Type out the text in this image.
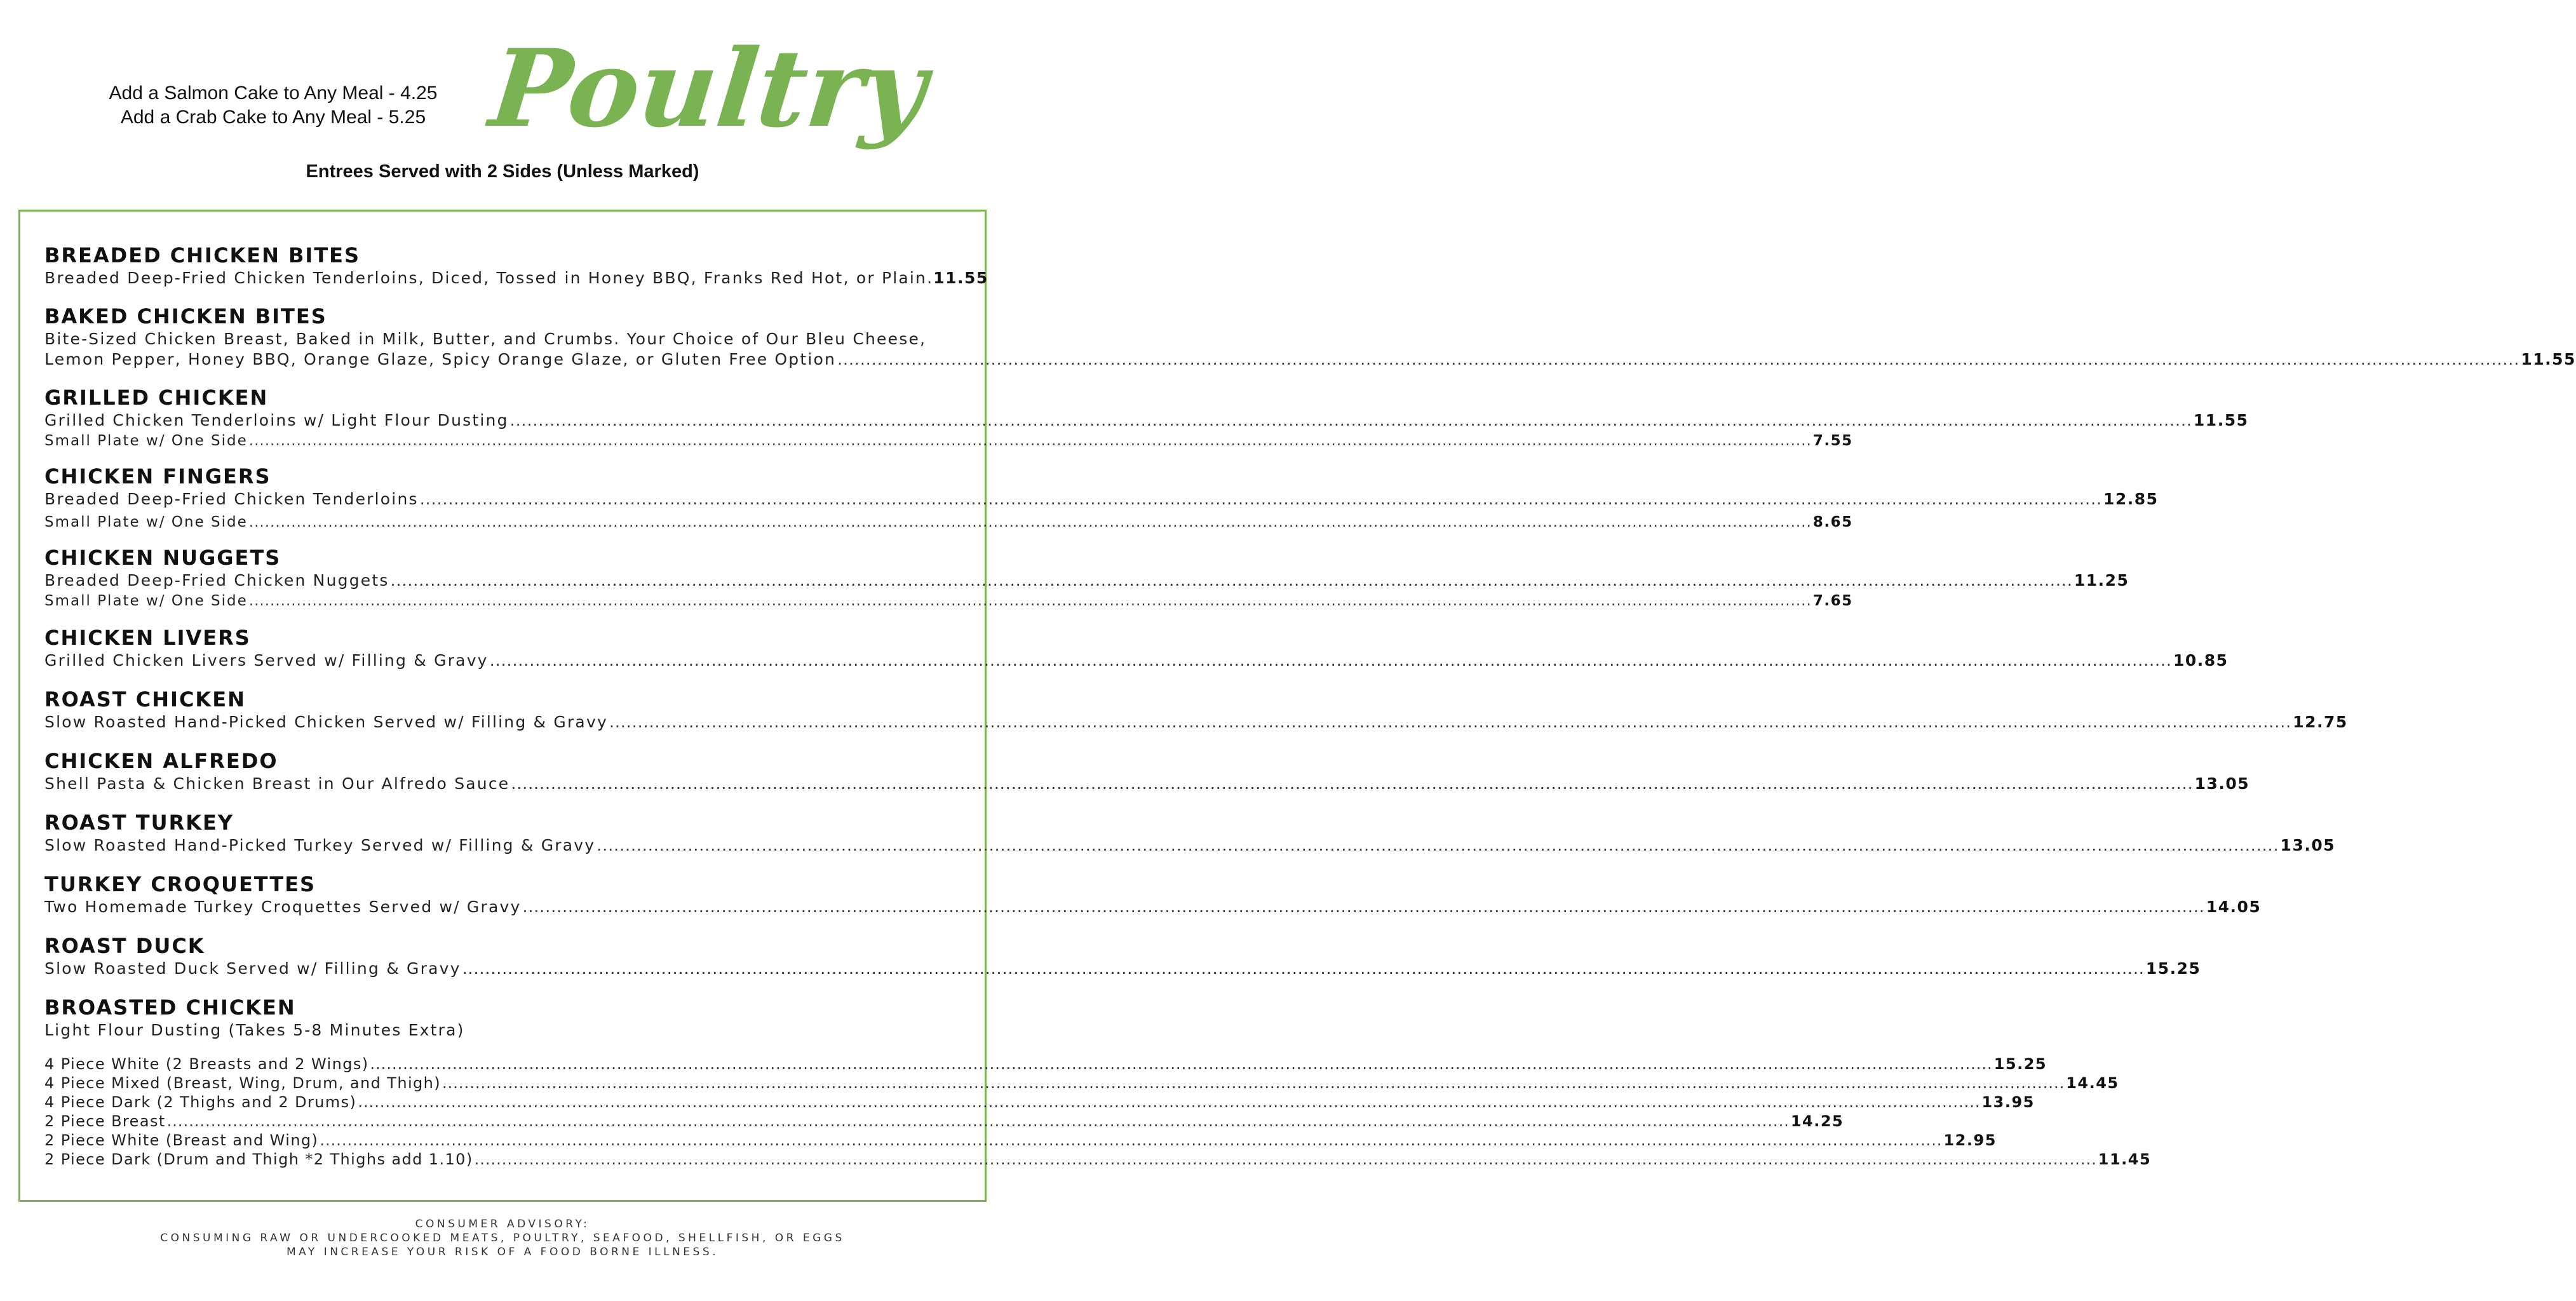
Add a Salmon Cake to Any Meal - 4.25
Add a Crab Cake to Any Meal - 5.25 Poultry
Entrees Served with 2 Sides (Unless Marked)
BREADED CHICKEN BITES
Breaded Deep-Fried Chicken Tenderloins, Diced, Tossed in Honey BBQ, Franks Red Hot, or Plain. 11.55
BAKED CHICKEN BITES
Bite-Sized Chicken Breast, Baked in Milk, Butter, and Crumbs. Your Choice of Our Bleu Cheese,
Lemon Pepper, Honey BBQ, Orange Glaze, Spicy Orange Glaze, or Gluten Free Option .....	11.55
GRILLED CHICKEN
Grilled Chicken Tenderloins w/ Light Flour Dusting .....	11.55
Small Plate w/ One Side .....	7.55
CHICKEN FINGERS
Breaded Deep-Fried Chicken Tenderloins .....	12.85
Small Plate w/ One Side .....	8.65
CHICKEN NUGGETS
Breaded Deep-Fried Chicken Nuggets .....	11.25
Small Plate w/ One Side .....	7.65
CHICKEN LIVERS
Grilled Chicken Livers Served w/ Filling & Gravy .....	10.85
ROAST CHICKEN
Slow Roasted Hand-Picked Chicken Served w/ Filling & Gravy .....	12.75
CHICKEN ALFREDO
Shell Pasta & Chicken Breast in Our Alfredo Sauce .....	13.05
ROAST TURKEY
Slow Roasted Hand-Picked Turkey Served w/ Filling & Gravy .....	13.05
TURKEY CROQUETTES
Two Homemade Turkey Croquettes Served w/ Gravy .....	14.05
ROAST DUCK
Slow Roasted Duck Served w/ Filling & Gravy .....	15.25
BROASTED CHICKEN
Light Flour Dusting (Takes 5-8 Minutes Extra)
4 Piece White (2 Breasts and 2 Wings) .....	15.25
4 Piece Mixed (Breast, Wing, Drum, and Thigh) .....	14.45
4 Piece Dark (2 Thighs and 2 Drums) .....	13.95
2 Piece Breast .....	14.25
2 Piece White (Breast and Wing) .....	12.95
2 Piece Dark (Drum and Thigh *2 Thighs add 1.10) .....	11.45
CONSUMER ADVISORY:
CONSUMING RAW OR UNDERCOOKED MEATS, POULTRY, SEAFOOD, SHELLFISH, OR EGGS
MAY INCREASE YOUR RISK OF A FOOD BORNE ILLNESS.
